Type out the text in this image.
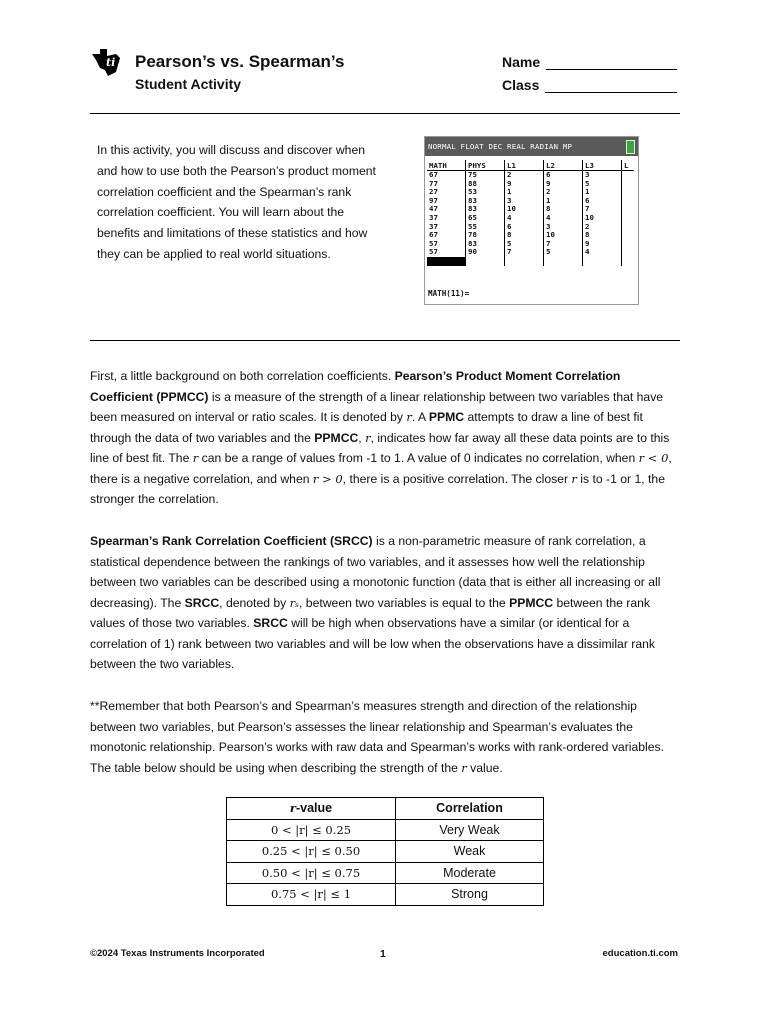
ti Pearson’s vs. Spearman’s
Student Activity
Name
Class
In this activity, you will discuss and discover when and how to use both the Pearson’s product moment correlation coefficient and the Spearman’s rank correlation coefficient. You will learn about the benefits and limitations of these statistics and how they can be applied to real world situations.
NORMAL FLOAT DEC REAL RADIAN MP
MATH	PHYS	L1	L2	L3	L
67	75	2	6	3	
77	88	9	9	5	
27	53	1	2	1	
97	83	3	1	6	
47	83	10	8	7	
37	65	4	4	10	
37	55	6	3	2	
67	78	8	10	8	
57	83	5	7	9	
57	90	7	5	4	

MATH(11)=

First, a little background on both correlation coefficients. Pearson’s Product Moment Correlation Coefficient (PPMCC) is a measure of the strength of a linear relationship between two variables that have been measured on interval or ratio scales. It is denoted by r. A PPMC attempts to draw a line of best fit through the data of two variables and the PPMCC, r, indicates how far away all these data points are to this line of best fit. The r can be a range of values from -1 to 1. A value of 0 indicates no correlation, when r < 0, there is a negative correlation, and when r > 0, there is a positive correlation. The closer r is to -1 or 1, the stronger the correlation.

Spearman’s Rank Correlation Coefficient (SRCC) is a non-parametric measure of rank correlation, a statistical dependence between the rankings of two variables, and it assesses how well the relationship between two variables can be described using a monotonic function (data that is either all increasing or all decreasing). The SRCC, denoted by rₛ, between two variables is equal to the PPMCC between the rank values of those two variables. SRCC will be high when observations have a similar (or identical for a correlation of 1) rank between two variables and will be low when the observations have a dissimilar rank between the two variables.

**Remember that both Pearson’s and Spearman’s measures strength and direction of the relationship between two variables, but Pearson’s assesses the linear relationship and Spearman’s evaluates the monotonic relationship. Pearson’s works with raw data and Spearman’s works with rank-ordered variables. The table below should be using when describing the strength of the r value.

r-value	Correlation
0 < |r| ≤ 0.25	Very Weak
0.25 < |r| ≤ 0.50	Weak
0.50 < |r| ≤ 0.75	Moderate
0.75 < |r| ≤ 1	Strong
©2024 Texas Instruments Incorporated	1	education.ti.com
